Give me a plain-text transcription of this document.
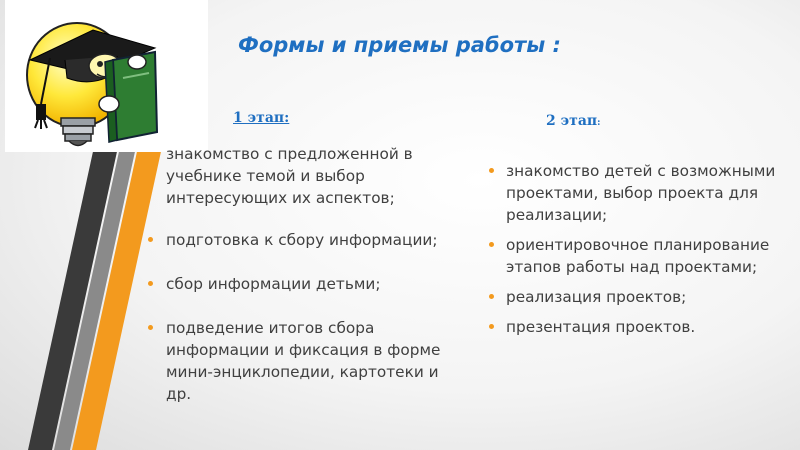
Формы и приемы работы :
1 этап:	2 этап:
знакомство с предложенной в учебнике темой и выбор интересующих их аспектов;
подготовка к сбору информации;
сбор информации детьми;
подведение итогов сбора информации и фиксация в форме мини-энциклопедии, картотеки и др.
знакомство детей с возможными проектами, выбор проекта для реализации;
ориентировочное планирование этапов работы над проектами;
реализация проектов;
презентация проектов.
